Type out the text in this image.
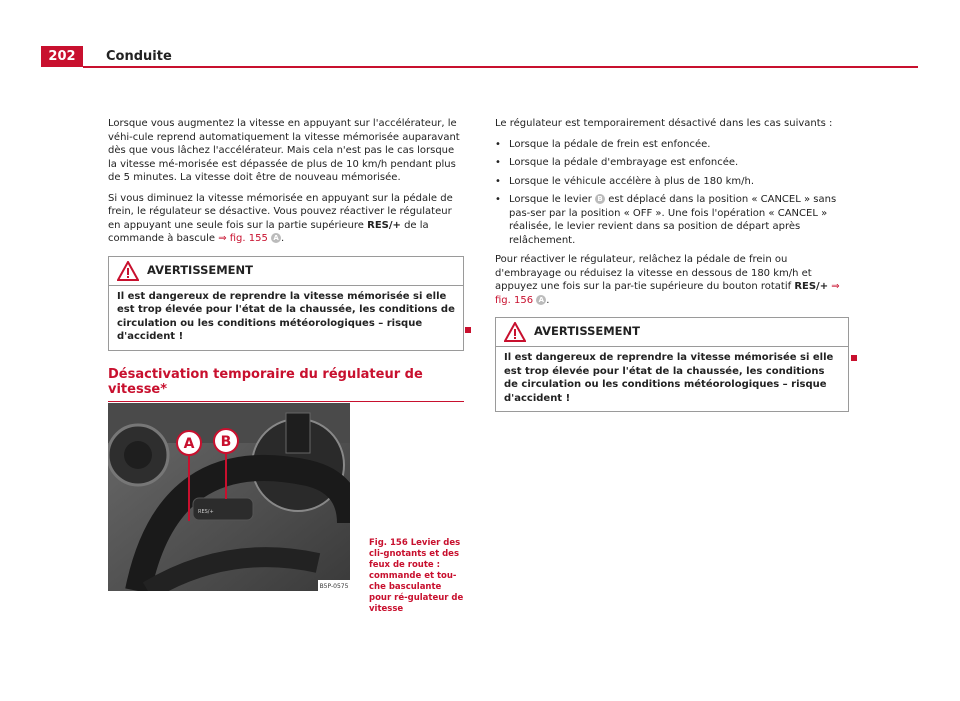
202	Conduite

Lorsque vous augmentez la vitesse en appuyant sur l'accélérateur, le véhi-cule reprend automatiquement la vitesse mémorisée auparavant dès que vous lâchez l'accélérateur. Mais cela n'est pas le cas lorsque la vitesse mé-morisée est dépassée de plus de 10 km/h pendant plus de 5 minutes. La vitesse doit être de nouveau mémorisée.

Si vous diminuez la vitesse mémorisée en appuyant sur la pédale de frein, le régulateur se désactive. Vous pouvez réactiver le régulateur en appuyant une seule fois sur la partie supérieure RES/+ de la commande à bascule ⇒ fig. 155 A .

AVERTISSEMENT
Il est dangereux de reprendre la vitesse mémorisée si elle est trop élevée pour l'état de la chaussée, les conditions de circulation ou les conditions météorologiques – risque d'accident !
Désactivation temporaire du régulateur de vitesse*
RES/+
A B
B5P-0575
Fig. 156 Levier des cli-gnotants et des feux de route : commande et tou-che basculante pour ré-gulateur de vitesse

Le régulateur est temporairement désactivé dans les cas suivants :

• Lorsque la pédale de frein est enfoncée.
• Lorsque la pédale d'embrayage est enfoncée.
• Lorsque le véhicule accélère à plus de 180 km/h.
• Lorsque le levier B est déplacé dans la position « CANCEL » sans pas-ser par la position « OFF ». Une fois l'opération « CANCEL » réalisée, le levier revient dans sa position de départ après relâchement.

Pour réactiver le régulateur, relâchez la pédale de frein ou d'embrayage ou réduisez la vitesse en dessous de 180 km/h et appuyez une fois sur la par-tie supérieure du bouton rotatif RES/+ ⇒ fig. 156 A .

AVERTISSEMENT
Il est dangereux de reprendre la vitesse mémorisée si elle est trop élevée pour l'état de la chaussée, les conditions de circulation ou les conditions météorologiques – risque d'accident !
